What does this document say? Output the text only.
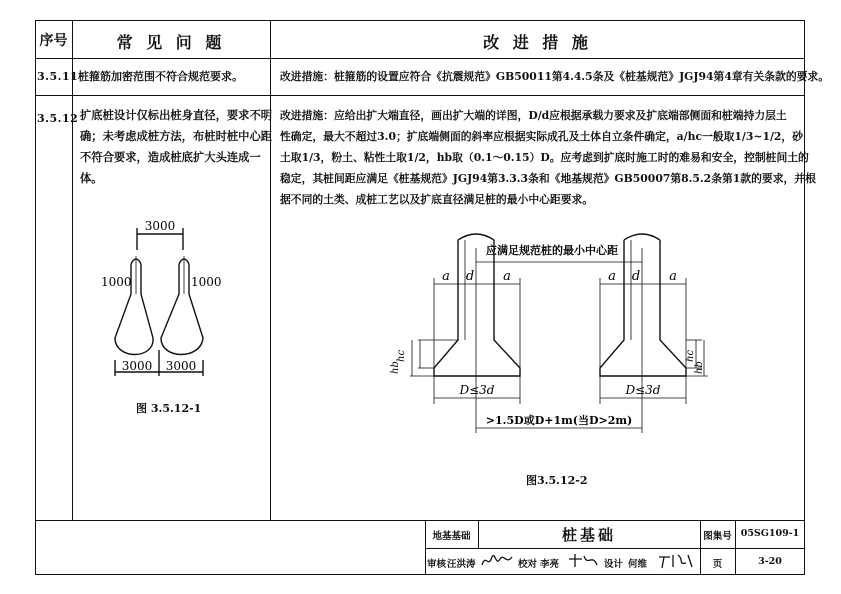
序号	常 见 问 题	改 进 措 施
3.5.11 桩箍筋加密范围不符合规范要求。	改进措施：桩箍筋的设置应符合《抗震规范》GB50011第4.4.5条及《桩基规范》JGJ94第4章有关条款的要求。
3.5.12 扩底桩设计仅标出桩身直径，要求不明
确；未考虑成桩方法，布桩时桩中心距
不符合要求，造成桩底扩大头连成一
体。
改进措施：应给出扩大端直径，画出扩大端的详图，D/d应根据承载力要求及扩底端部侧面和桩端持力层土
性确定，最大不超过3.0；扩底端侧面的斜率应根据实际成孔及土体自立条件确定，a/hc一般取1/3~1/2，砂
土取1/3，粉土、粘性土取1/2，hb取（0.1～0.15）D。应考虑到扩底时施工时的难易和安全，控制桩间土的
稳定，其桩间距应满足《桩基规范》JGJ94第3.3.3条和《地基规范》GB50007第8.5.2条第1款的要求，并根
据不同的土类、成桩工艺以及扩底直径满足桩的最小中心距要求。
3000
1000	1000
3000 3000
图 3.5.12-1
应满足规范桩的最小中心距
a d a	a d a
hc
hb
hc
hb
D≤3d	D≤3d
>1.5D或D+1m(当D>2m)
图3.5.12-2
地基基础	桩基础	图集号 05SG109-1
审核 汪洪涛	校对 李亮	设计 何维	页	3-20
